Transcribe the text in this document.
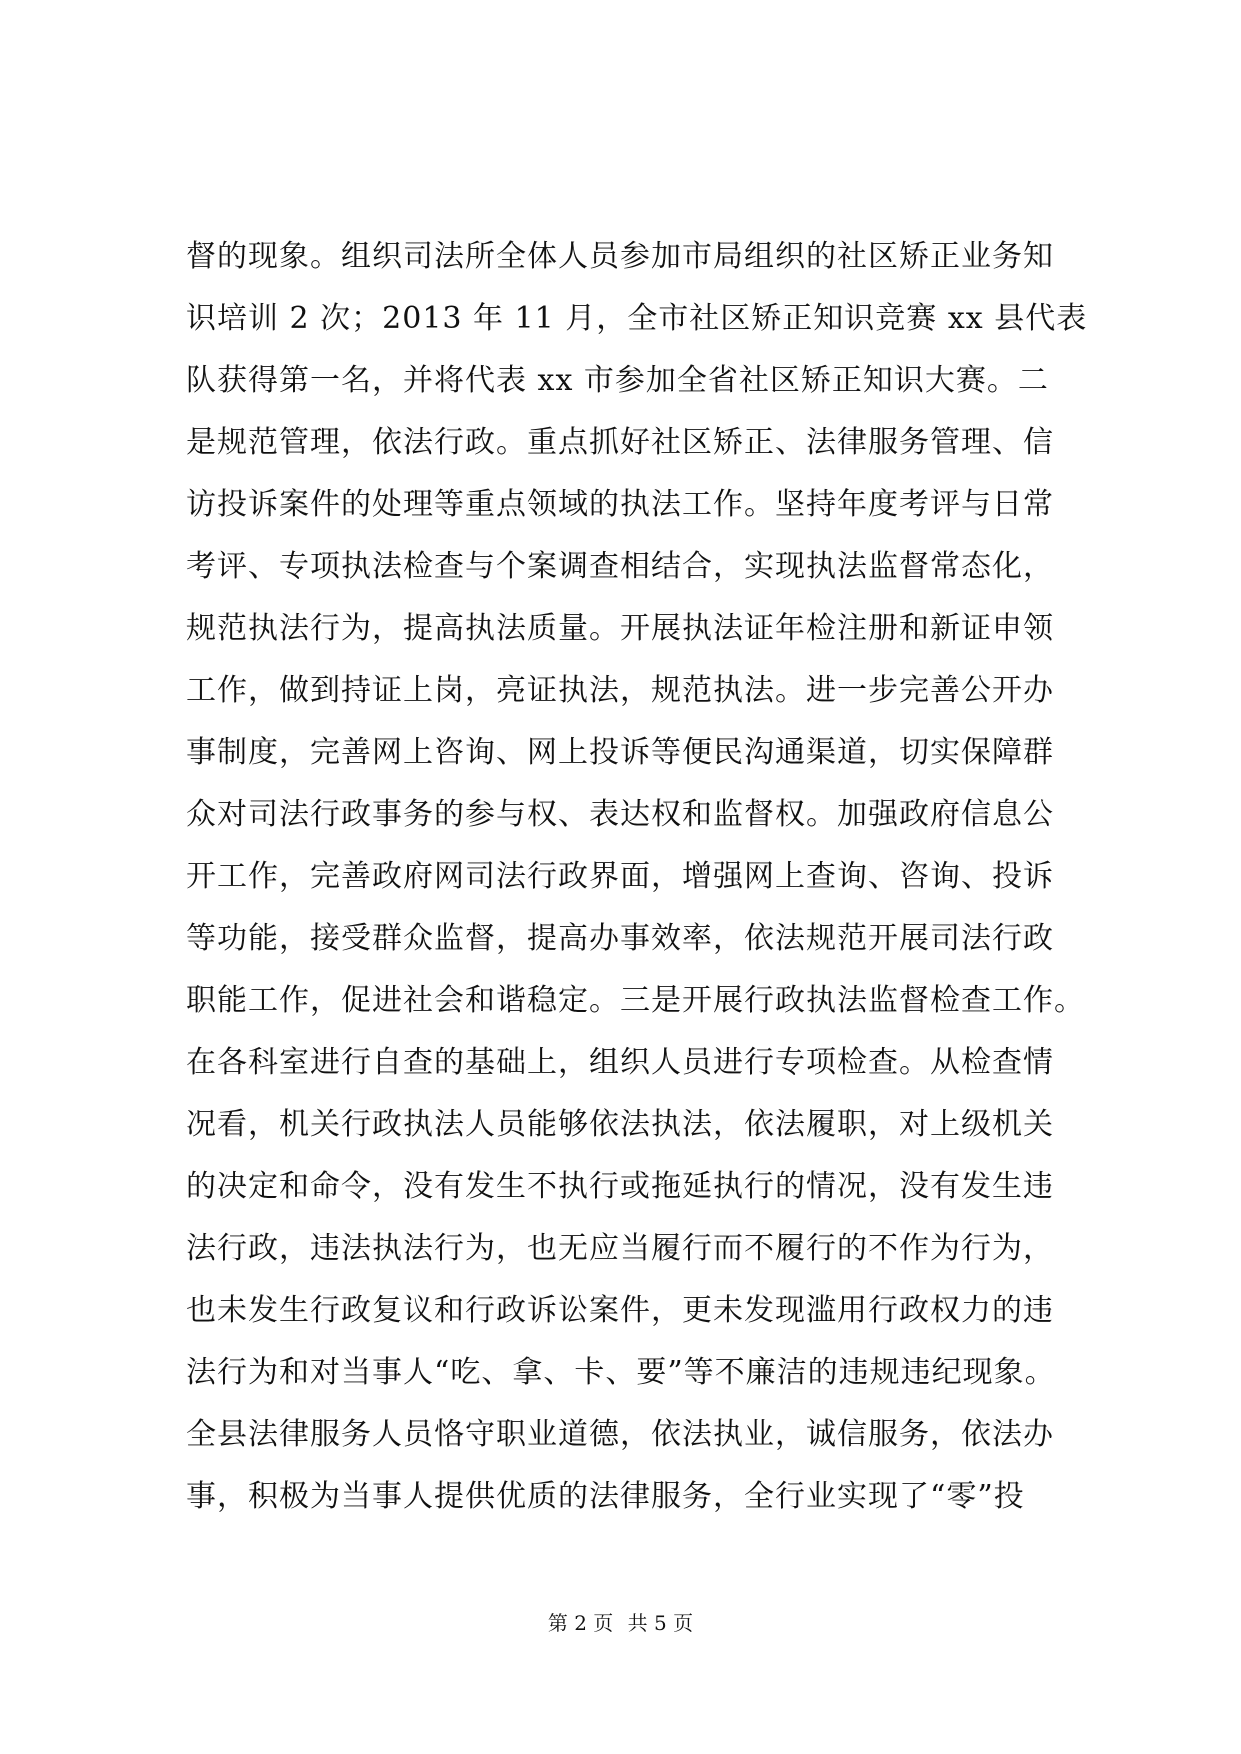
督的现象。组织司法所全体人员参加市局组织的社区矫正业务知
识培训 2 次；2013 年 11 月，全市社区矫正知识竞赛 xx 县代表
队获得第一名，并将代表 xx 市参加全省社区矫正知识大赛。二
是规范管理，依法行政。重点抓好社区矫正、法律服务管理、信
访投诉案件的处理等重点领域的执法工作。坚持年度考评与日常
考评、专项执法检查与个案调查相结合，实现执法监督常态化，
规范执法行为，提高执法质量。开展执法证年检注册和新证申领
工作，做到持证上岗，亮证执法，规范执法。进一步完善公开办
事制度，完善网上咨询、网上投诉等便民沟通渠道，切实保障群
众对司法行政事务的参与权、表达权和监督权。加强政府信息公
开工作，完善政府网司法行政界面，增强网上查询、咨询、投诉
等功能，接受群众监督，提高办事效率，依法规范开展司法行政
职能工作，促进社会和谐稳定。三是开展行政执法监督检查工作。
在各科室进行自查的基础上，组织人员进行专项检查。从检查情
况看，机关行政执法人员能够依法执法，依法履职，对上级机关
的决定和命令，没有发生不执行或拖延执行的情况，没有发生违
法行政，违法执法行为，也无应当履行而不履行的不作为行为，
也未发生行政复议和行政诉讼案件，更未发现滥用行政权力的违
法行为和对当事人“吃、拿、卡、要”等不廉洁的违规违纪现象。
全县法律服务人员恪守职业道德，依法执业，诚信服务，依法办
事，积极为当事人提供优质的法律服务，全行业实现了“零”投
第 2 页 共 5 页
